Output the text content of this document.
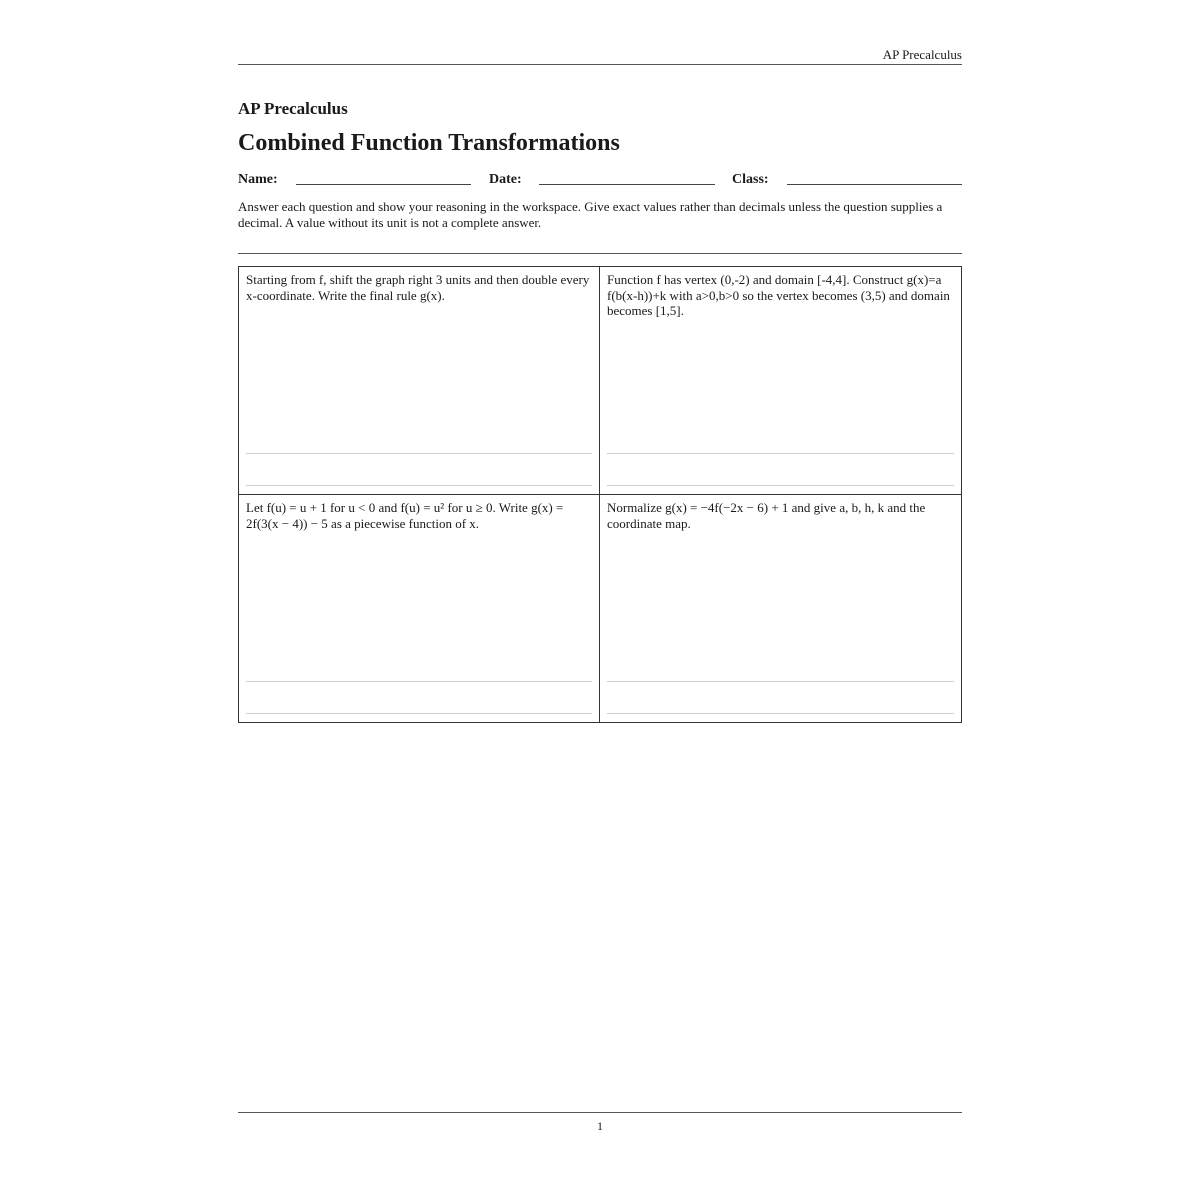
AP Precalculus
AP Precalculus
Combined Function Transformations
Name:	Date:	Class:
Answer each question and show your reasoning in the workspace. Give exact values rather than decimals unless the question supplies a decimal. A value without its unit is not a complete answer.
Starting from f, shift the graph right 3 units and then double every x-coordinate. Write the final rule g(x).
Function f has vertex (0,-2) and domain [-4,4]. Construct g(x)=a f(b(x-h))+k with a>0,b>0 so the vertex becomes (3,5) and domain becomes [1,5].
Let f(u) = u + 1 for u < 0 and f(u) = u² for u ≥ 0. Write g(x) = 2f(3(x − 4)) − 5 as a piecewise function of x.
Normalize g(x) = −4f(−2x − 6) + 1 and give a, b, h, k and the coordinate map.
1
